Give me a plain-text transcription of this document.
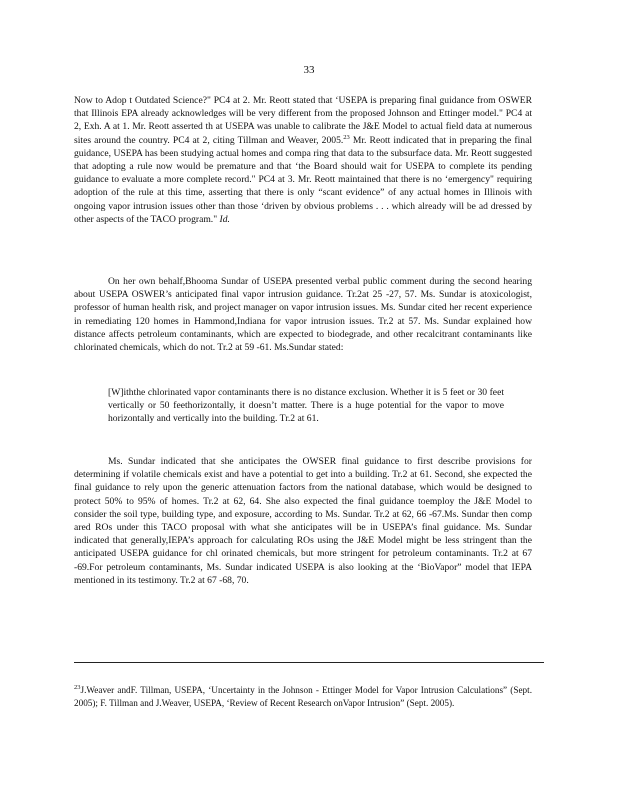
33

Now to Adop t Outdated Science?" PC4 at 2. Mr. Reott stated that ‘USEPA is preparing final guidance from OSWER that Illinois EPA already acknowledges will be very different from the proposed Johnson and Ettinger model." PC4 at 2, Exh. A at 1. Mr. Reott asserted th at USEPA was unable to calibrate the J&E Model to actual field data at numerous sites around the country. PC4 at 2, citing Tillman and Weaver, 2005.23 Mr. Reott indicated that in preparing the final guidance, USEPA has been studying actual homes and compa ring that data to the subsurface data. Mr. Reott suggested that adopting a rule now would be premature and that ‘the Board should wait for USEPA to complete its pending guidance to evaluate a more complete record." PC4 at 3. Mr. Reott maintained that there is no ‘emergency" requiring adoption of the rule at this time, asserting that there is only “scant evidence” of any actual homes in Illinois with ongoing vapor intrusion issues other than those ‘driven by obvious problems . . . which already will be ad dressed by other aspects of the TACO program." Id.

On her own behalf,Bhooma Sundar of USEPA presented verbal public comment during the second hearing about USEPA OSWER’s anticipated final vapor intrusion guidance. Tr.2at 25 -27, 57. Ms. Sundar is atoxicologist, professor of human health risk, and project manager on vapor intrusion issues. Ms. Sundar cited her recent experience in remediating 120 homes in Hammond,Indiana for vapor intrusion issues. Tr.2 at 57. Ms. Sundar explained how distance affects petroleum contaminants, which are expected to biodegrade, and other recalcitrant contaminants like chlorinated chemicals, which do not. Tr.2 at 59 -61. Ms.Sundar stated:

[W]iththe chlorinated vapor contaminants there is no distance exclusion. Whether it is 5 feet or 30 feet vertically or 50 feethorizontally, it doesn’t matter. There is a huge potential for the vapor to move horizontally and vertically into the building. Tr.2 at 61.

Ms. Sundar indicated that she anticipates the OWSER final guidance to first describe provisions for determining if volatile chemicals exist and have a potential to get into a building. Tr.2 at 61. Second, she expected the final guidance to rely upon the generic attenuation factors from the national database, which would be designed to protect 50% to 95% of homes. Tr.2 at 62, 64. She also expected the final guidance toemploy the J&E Model to consider the soil type, building type, and exposure, according to Ms. Sundar. Tr.2 at 62, 66 -67.Ms. Sundar then comp ared ROs under this TACO proposal with what she anticipates will be in USEPA’s final guidance. Ms. Sundar indicated that generally,IEPA’s approach for calculating ROs using the J&E Model might be less stringent than the anticipated USEPA guidance for chl orinated chemicals, but more stringent for petroleum contaminants. Tr.2 at 67 -69.For petroleum contaminants, Ms. Sundar indicated USEPA is also looking at the ‘BioVapor” model that IEPA mentioned in its testimony. Tr.2 at 67 -68, 70.

$^{23}$J.Weaver andF. Tillman, USEPA, ‘Uncertainty in the Johnson - Ettinger Model for Vapor Intrusion Calculations” (Sept. 2005); F. Tillman and J.Weaver, USEPA, ‘Review of Recent Research onVapor Intrusion” (Sept. 2005).
